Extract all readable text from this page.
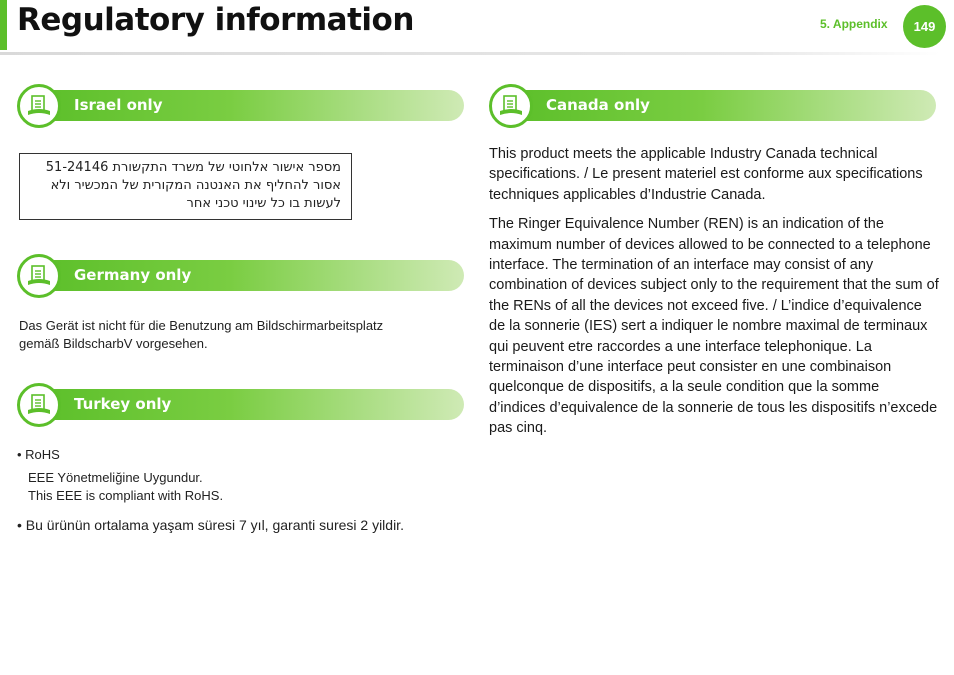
Regulatory information	5. Appendix 149
Israel only
מספר אישור אלחוטי של משרד התקשורת 51-24146
אסור להחליף את האנטנה המקורית של המכשיר ולא
לעשות בו כל שינוי טכני אחר
Germany only
Das Gerät ist nicht für die Benutzung am Bildschirmarbeitsplatz
gemäß BildscharbV vorgesehen.
Turkey only
• RoHS
EEE Yönetmeliğine Uygundur.
This EEE is compliant with RoHS.
• Bu ürünün ortalama yaşam süresi 7 yıl, garanti suresi 2 yildir.
Canada only

This product meets the applicable Industry Canada technical specifications. / Le present materiel est conforme aux specifications techniques applicables d’Industrie Canada.

The Ringer Equivalence Number (REN) is an indication of the maximum number of devices allowed to be connected to a telephone interface. The termination of an interface may consist of any combination of devices subject only to the requirement that the sum of the RENs of all the devices not exceed five. / L’indice d’equivalence de la sonnerie (IES) sert a indiquer le nombre maximal de terminaux qui peuvent etre raccordes a une interface telephonique. La terminaison d’une interface peut consister en une combinaison quelconque de dispositifs, a la seule condition que la somme d’indices d’equivalence de la sonnerie de tous les dispositifs n’excede pas cinq.
